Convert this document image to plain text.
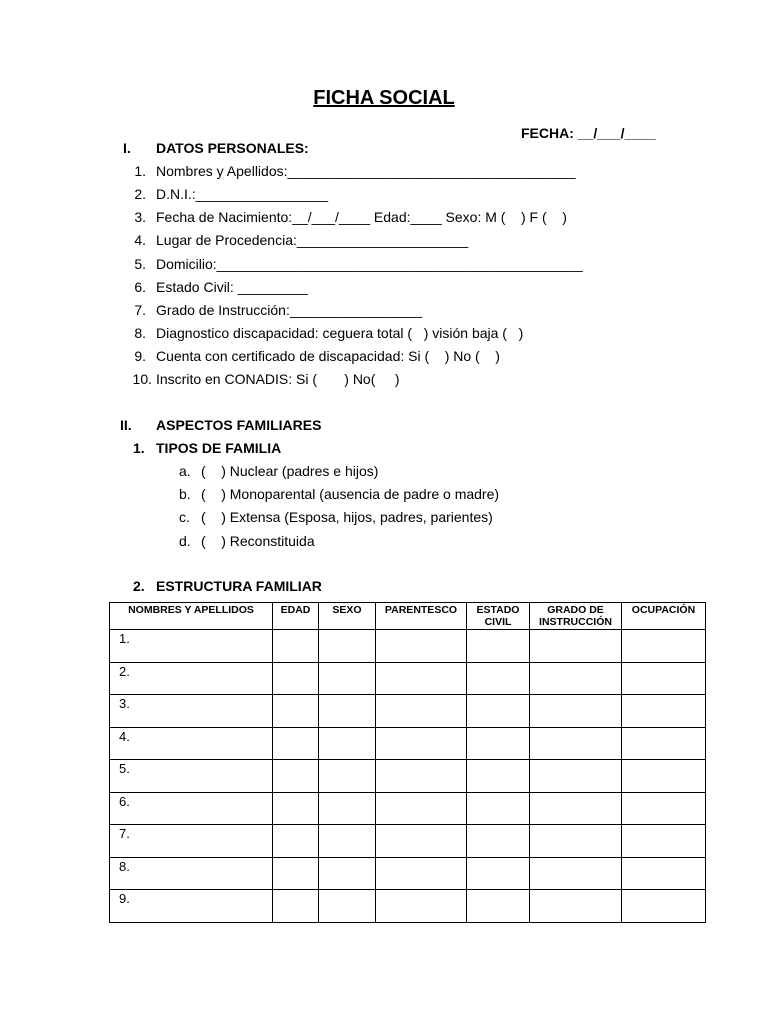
FICHA SOCIAL
FECHA: __/___/____
I. DATOS PERSONALES:
1. Nombres y Apellidos:_____________________________________
2. D.N.I.:_________________
3. Fecha de Nacimiento:__/___/____ Edad:____ Sexo: M (    ) F (    )
4. Lugar de Procedencia:______________________
5. Domicilio:_______________________________________________
6. Estado Civil: _________
7. Grado de Instrucción:_________________
8. Diagnostico discapacidad: ceguera total (   ) visión baja (   )
9. Cuenta con certificado de discapacidad: Si (    ) No (    )
10. Inscrito en CONADIS: Si (       ) No(     )
II. ASPECTOS FAMILIARES
1. TIPOS DE FAMILIA
a. (    ) Nuclear (padres e hijos)
b. (    ) Monoparental (ausencia de padre o madre)
c. (    ) Extensa (Esposa, hijos, padres, parientes)
d. (    ) Reconstituida
2. ESTRUCTURA FAMILIAR
NOMBRES Y APELLIDOS	EDAD	SEXO	PARENTESCO	ESTADO CIVIL	GRADO DE INSTRUCCIÓN	OCUPACIÓN
1.						
2.						
3.						
4.						
5.						
6.						
7.						
8.						
9.						
